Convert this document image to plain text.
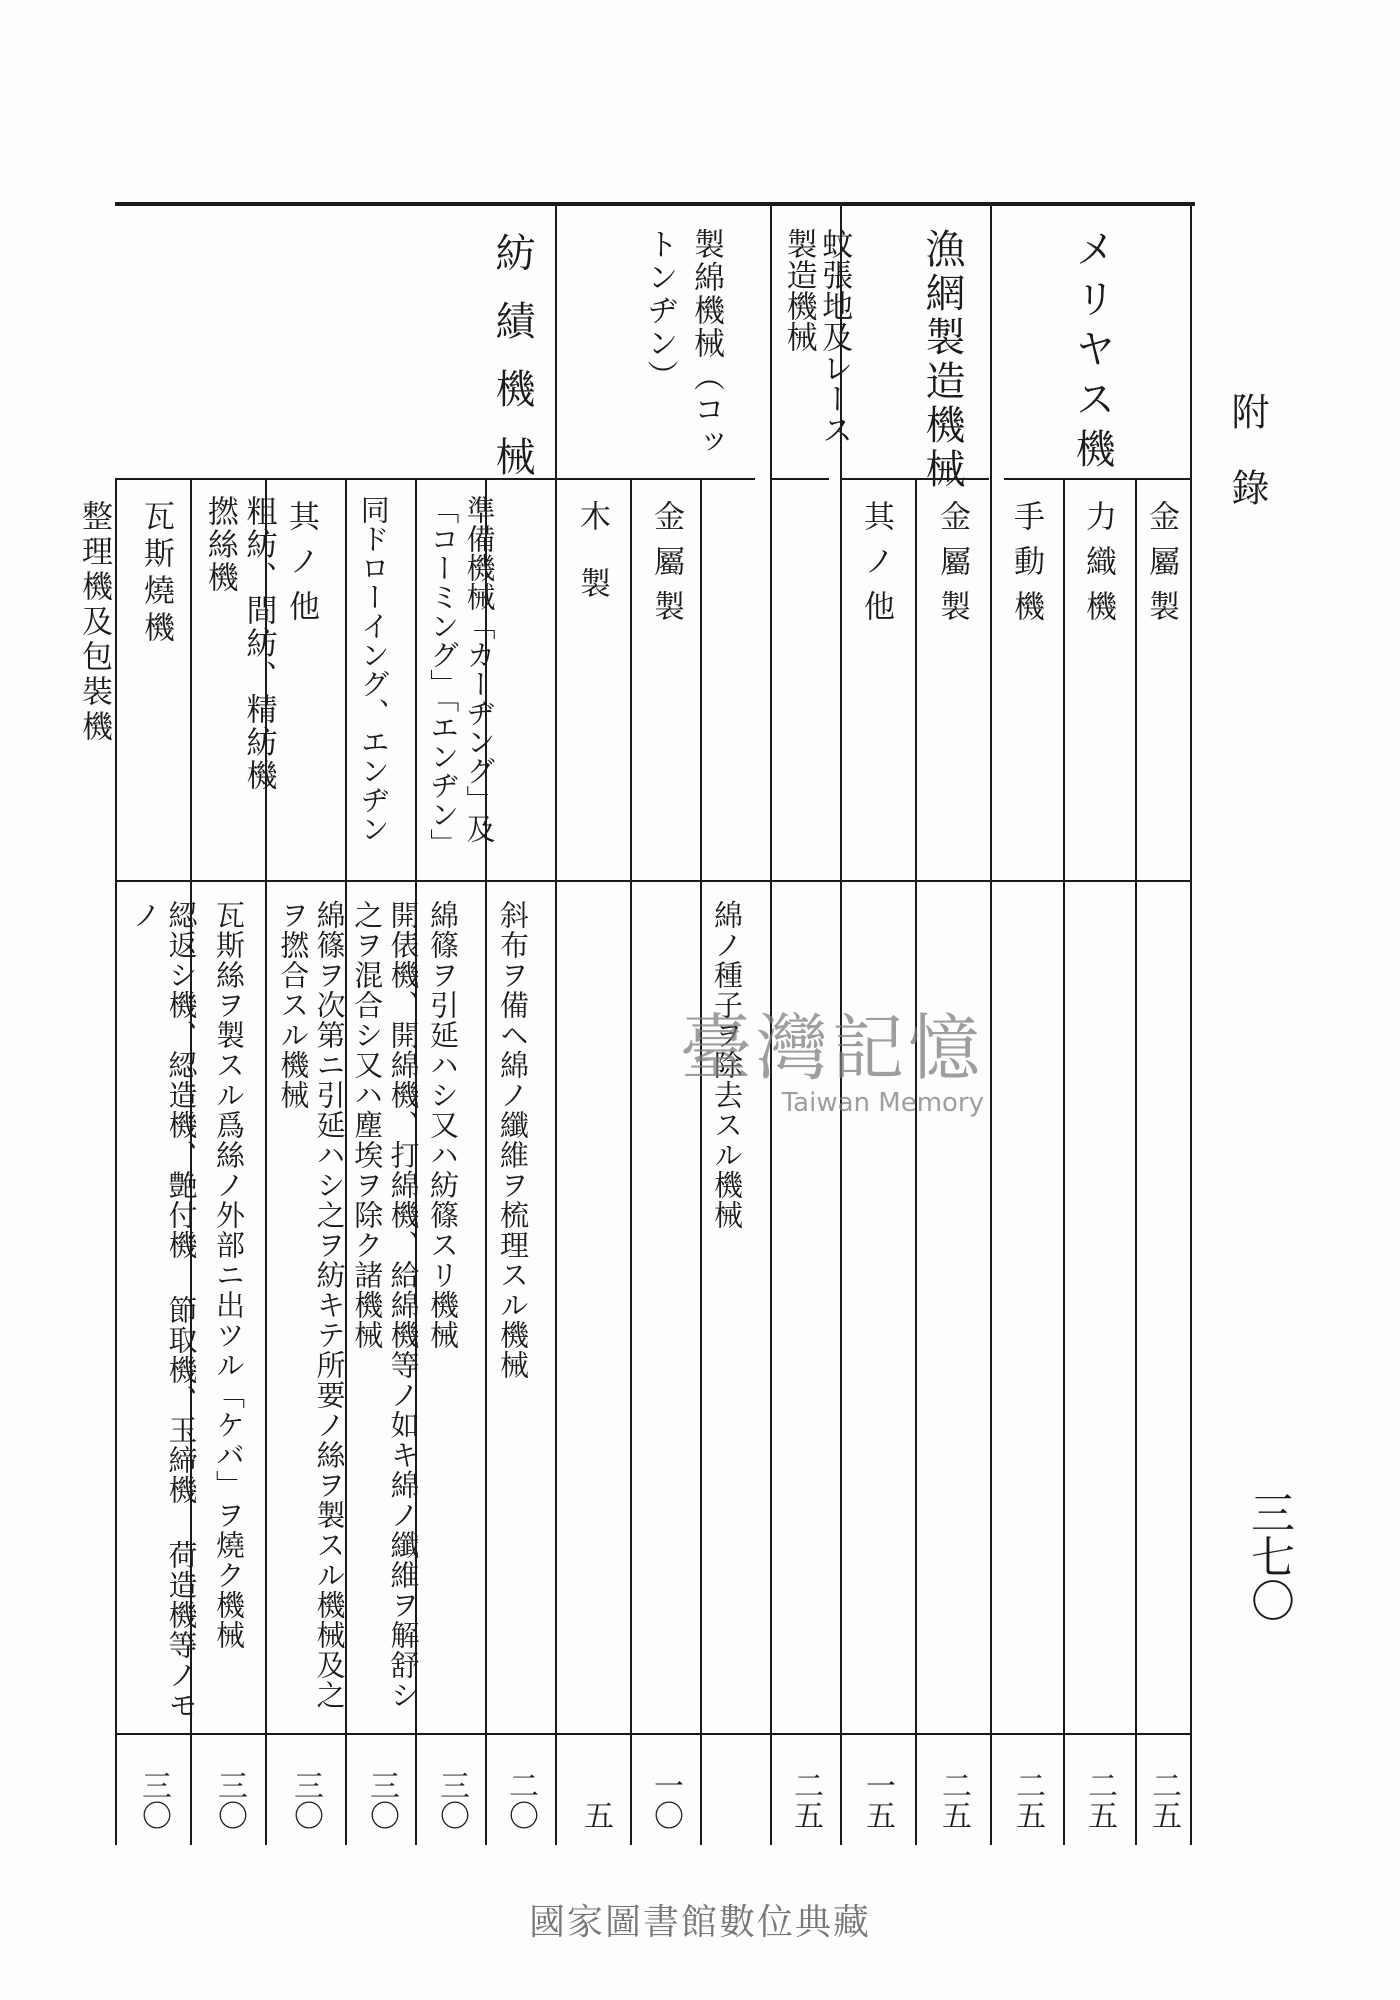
附　錄
三七〇
メリヤス機
漁網製造機械
蚊張地及レース製造機械
製綿機械（コットンヂン）
紡績機械
金屬製
力織機
手動機
金屬製
其ノ他
金屬製
木製
準備機械「カーヂング」及「コーミング」「エンヂン」
同ドローイング、エンヂン
其ノ他
粗紡、間紡、精紡機 撚絲機
瓦斯燒機
整理機及包裝機
綿ノ種子ヲ除去スル機械
斜布ヲ備ヘ綿ノ纖維ヲ梳理スル機械
綿篠ヲ引延ハシ又ハ紡篠スリ機械
開俵機、開綿機、打綿機、給綿機等ノ如キ綿ノ纖維ヲ解舒シ之ヲ混合シ又ハ塵埃ヲ除ク諸機械
綿篠ヲ次第ニ引延ハシ之ヲ紡キテ所要ノ絲ヲ製スル機械及之ヲ撚合スル機械
瓦斯絲ヲ製スル爲絲ノ外部ニ出ツル「ケバ」ヲ燒ク機械
綛返シ機、綛造機、艶付機 節取機、玉締機 荷造機等ノモノ
二五
二五
二五
二五
一五
二五
一〇
五
二〇
三〇
三〇
三〇
三〇
三〇
臺灣記憶
Taiwan Memory
國家圖書館數位典藏
